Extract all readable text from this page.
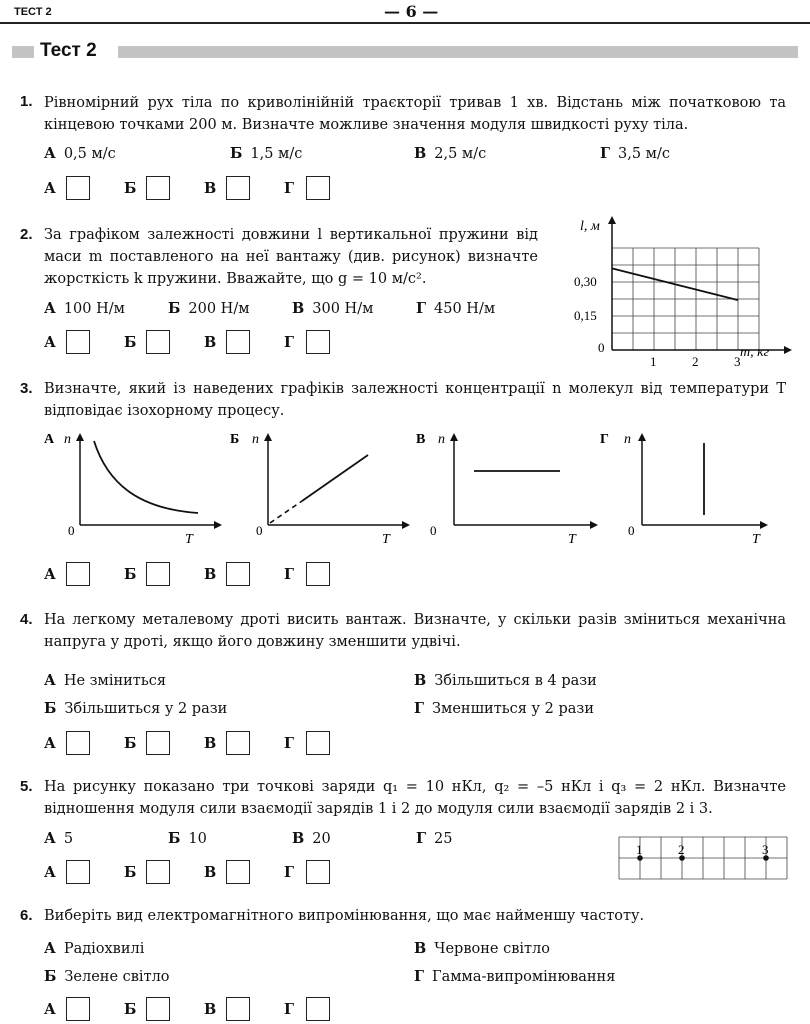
ТЕСТ 2	— 6 —
Тест 2
1. Рівномірний рух тіла по криволінійній траєкторії тривав 1 хв. Відстань між початковою та кінцевою точками 200 м. Визначте можливе значення модуля швидкості руху тіла.
А 0,5 м/с	Б 1,5 м/с	В 2,5 м/с	Г 3,5 м/с
А	Б	В	Г
2. За графіком залежності довжини l вертикальної пружини від маси m поставленого на неї вантажу (див. рисунок) визначте жорсткість k пружини. Вважайте, що g = 10 м/с².
А 100 Н/м	Б 200 Н/м	В 300 Н/м	Г 450 Н/м
А	Б	В	Г
l, м
m, кг
0
1	2	3
0,15
0,30
3. Визначте, який із наведених графіків залежності концентрації n молекул від температури T відповідає ізохорному процесу.
А n
0
T
Б n
0
T
В n
0
T
Г n
0
T
А	Б	В	Г
4. На легкому металевому дроті висить вантаж. Визначте, у скільки разів зміниться механічна напруга у дроті, якщо його довжину зменшити удвічі.
А Не зміниться	В Збільшиться в 4 рази
Б Збільшиться у 2 рази	Г Зменшиться у 2 рази
А	Б	В	Г
5. На рисунку показано три точкові заряди q₁ = 10 нКл, q₂ = –5 нКл і q₃ = 2 нКл. Визначте відношення модуля сили взаємодії зарядів 1 і 2 до модуля сили взаємодії зарядів 2 і 3.
А 5	Б 10	В 20	Г 25
А	Б	В	Г
1	2	3
6. Виберіть вид електромагнітного випромінювання, що має найменшу частоту.
А Радіохвилі	В Червоне світло
Б Зелене світло	Г Гамма-випромінювання
А	Б	В	Г
